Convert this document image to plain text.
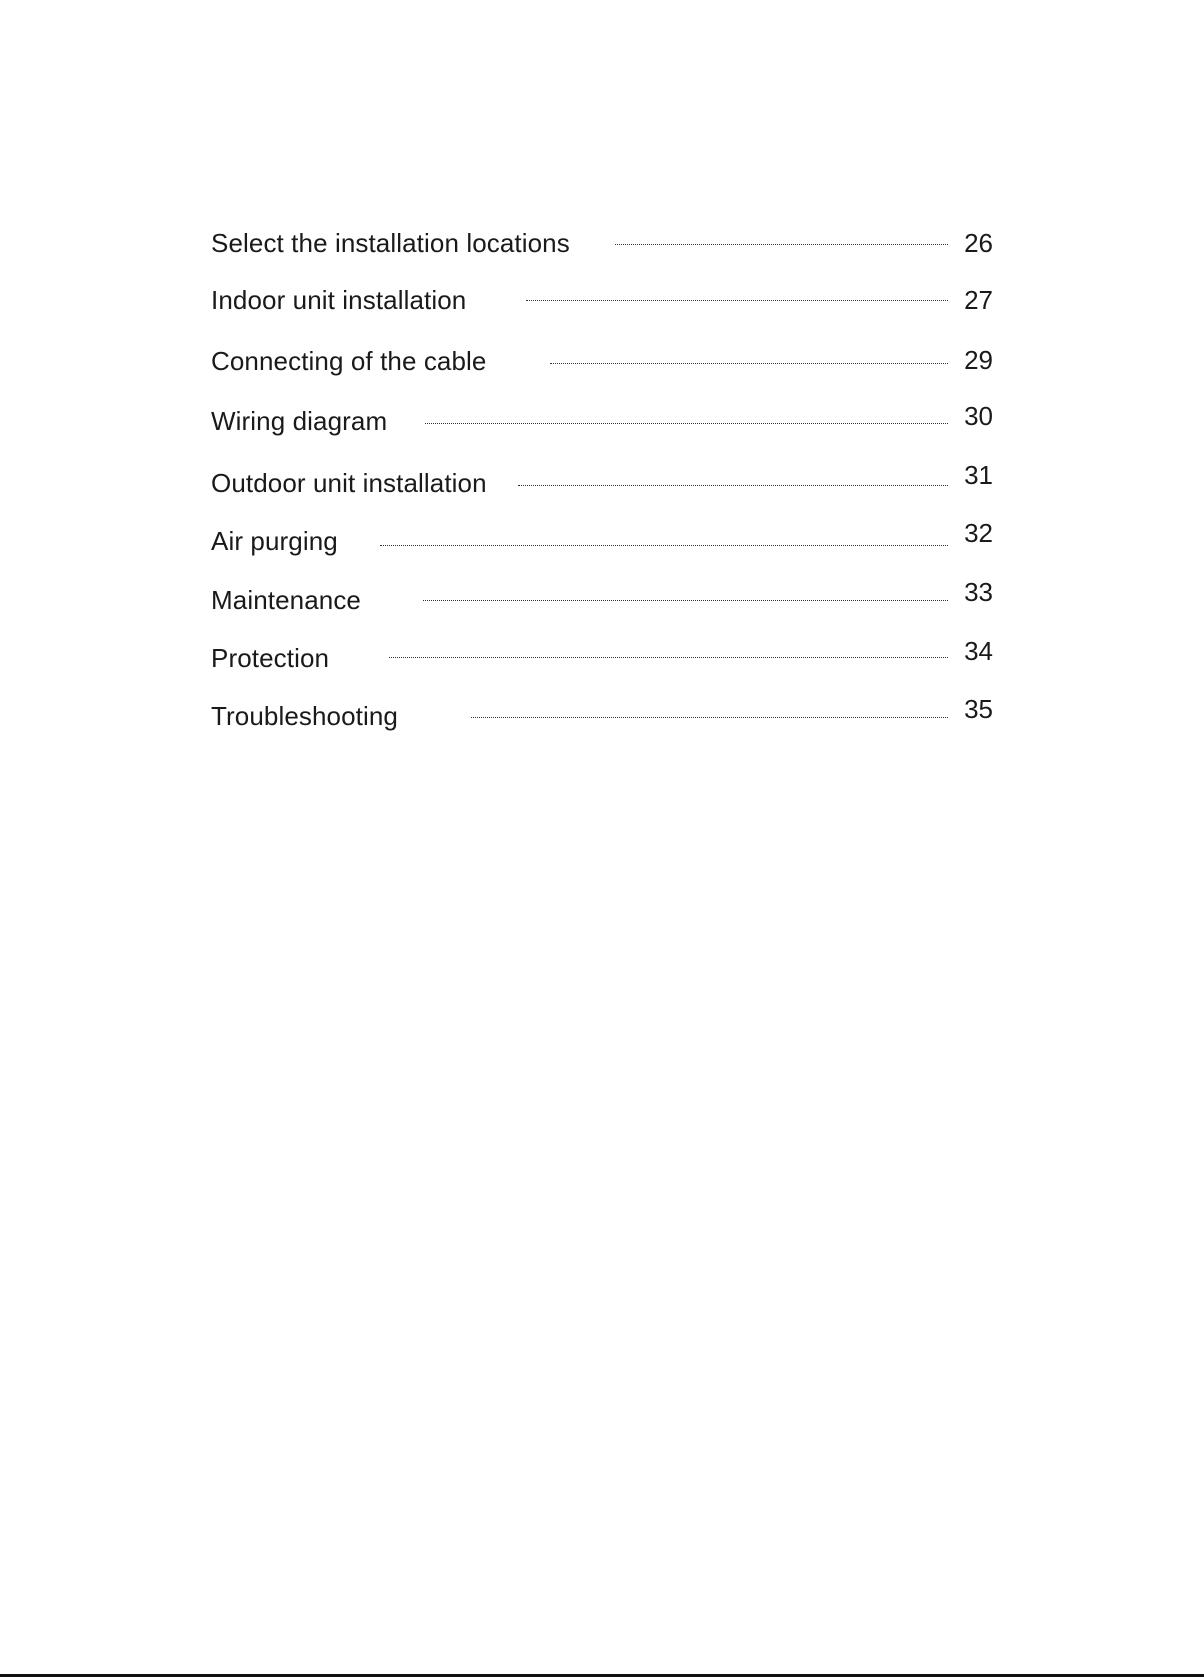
Select the installation locations	26
Indoor unit installation	27
Connecting of the cable	29
Wiring diagram	30
Outdoor unit installation	31
Air purging	32
Maintenance	33
Protection	34
Troubleshooting	35
